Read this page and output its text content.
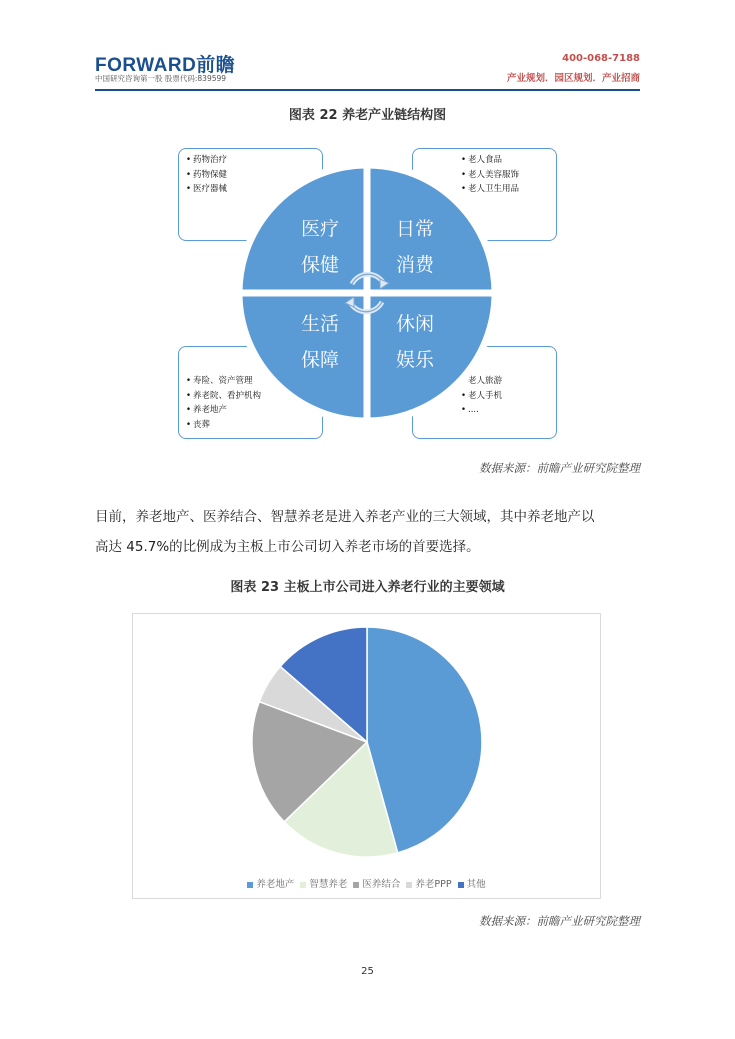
FORWARD前瞻
中国研究咨询第一股 股票代码:839599
400-068-7188
产业规划．园区规划．产业招商
图表 22 养老产业链结构图
• 药物治疗
• 药物保健
• 医疗器械
• 老人食品
• 老人美容服饰
• 老人卫生用品
• 寿险、资产管理
• 养老院、看护机构
• 养老地产
• 丧葬
• 老人旅游
• 老人手机
• ....
医疗
保健
日常
消费
生活
保障
休闲
娱乐
数据来源：前瞻产业研究院整理
目前，养老地产、医养结合、智慧养老是进入养老产业的三大领域，其中养老地产以
高达 45.7%的比例成为主板上市公司切入养老市场的首要选择。
图表 23 主板上市公司进入养老行业的主要领域
养老地产 智慧养老 医养结合 养老PPP 其他
数据来源：前瞻产业研究院整理
25
